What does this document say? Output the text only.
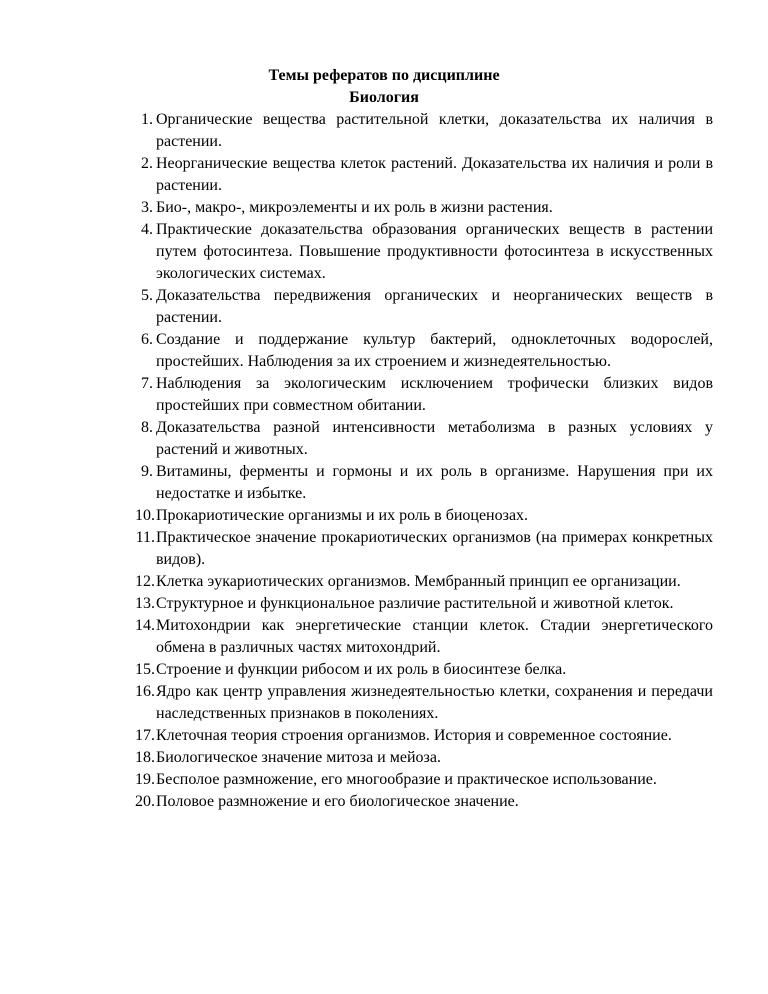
Темы рефератов по дисциплине
Биология
1. Органические вещества растительной клетки, доказательства их наличия в растении.
2. Неорганические вещества клеток растений. Доказательства их наличия и роли в растении.
3. Био-, макро-, микроэлементы и их роль в жизни растения.
4. Практические доказательства образования органических веществ в растении путем фотосинтеза. Повышение продуктивности фотосинтеза в искусственных экологических системах.
5. Доказательства передвижения органических и неорганических веществ в растении.
6. Создание и поддержание культур бактерий, одноклеточных водорослей, простейших. Наблюдения за их строением и жизнедеятельностью.
7. Наблюдения за экологическим исключением трофически близких видов простейших при совместном обитании.
8. Доказательства разной интенсивности метаболизма в разных условиях у растений и животных.
9. Витамины, ферменты и гормоны и их роль в организме. Нарушения при их недостатке и избытке.
10. Прокариотические организмы и их роль в биоценозах.
11. Практическое значение прокариотических организмов (на примерах конкретных видов).
12. Клетка эукариотических организмов. Мембранный принцип ее организации.
13. Структурное и функциональное различие растительной и животной клеток.
14. Митохондрии как энергетические станции клеток. Стадии энергетического обмена в различных частях митохондрий.
15. Строение и функции рибосом и их роль в биосинтезе белка.
16. Ядро как центр управления жизнедеятельностью клетки, сохранения и передачи наследственных признаков в поколениях.
17. Клеточная теория строения организмов. История и современное состояние.
18. Биологическое значение митоза и мейоза.
19. Бесполое размножение, его многообразие и практическое использование.
20. Половое размножение и его биологическое значение.
